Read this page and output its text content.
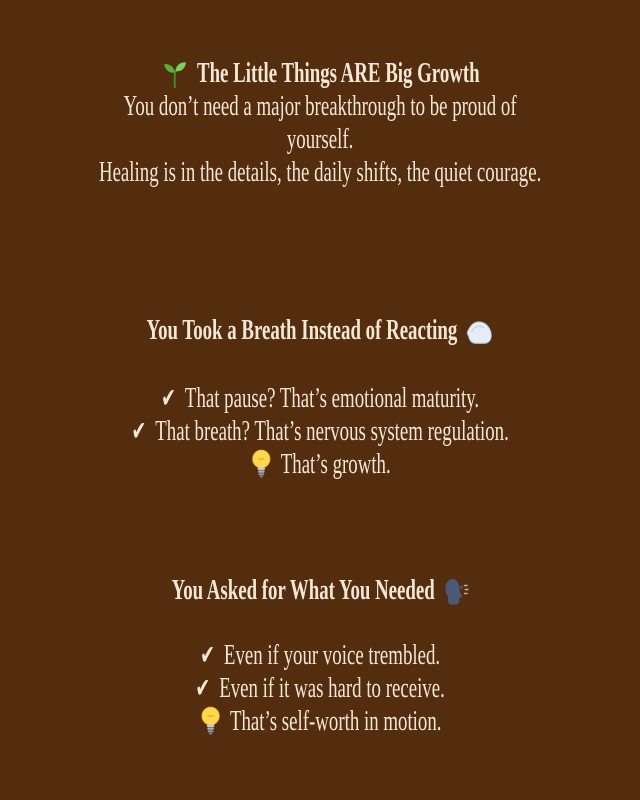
The Little Things ARE Big Growth

You don’t need a major breakthrough to be proud of yourself.

Healing is in the details, the daily shifts, the quiet courage.

You Took a Breath Instead of Reacting

✔ That pause? That’s emotional maturity.

✔ That breath? That’s nervous system regulation.

That’s growth.

You Asked for What You Needed

✔ Even if your voice trembled.

✔ Even if it was hard to receive.

That’s self-worth in motion.
